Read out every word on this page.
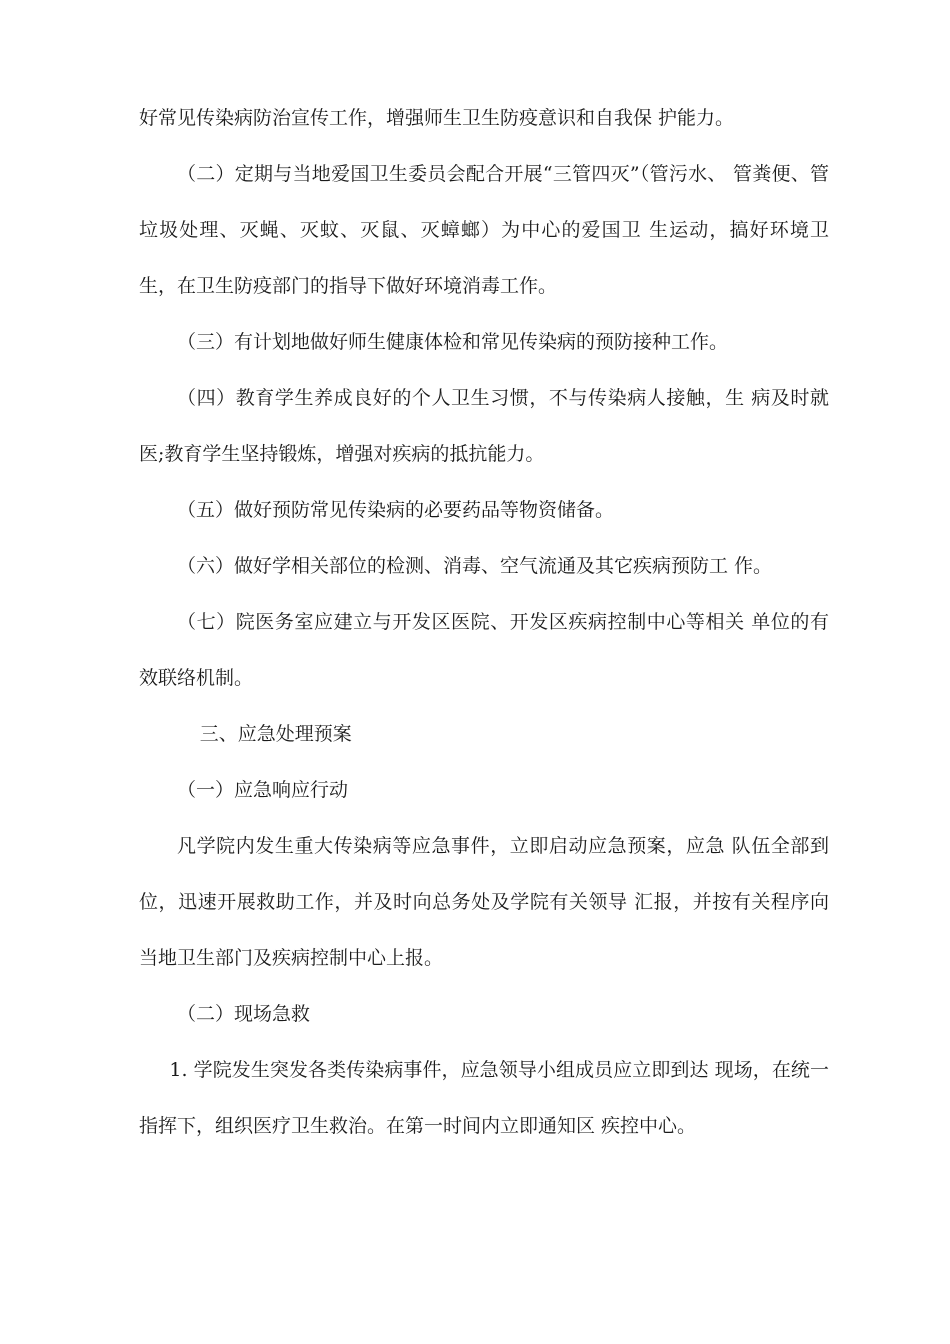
好常见传染病防治宣传工作，增强师生卫生防疫意识和自我保 护能力。

（二）定期与当地爱国卫生委员会配合开展“三管四灭”（管污水、 管粪便、管垃圾处理、灭蝇、灭蚊、灭鼠、灭蟑螂）为中心的爱国卫 生运动，搞好环境卫生，在卫生防疫部门的指导下做好环境消毒工作。

（三）有计划地做好师生健康体检和常见传染病的预防接种工作。

（四）教育学生养成良好的个人卫生习惯，不与传染病人接触，生 病及时就医;教育学生坚持锻炼，增强对疾病的抵抗能力。

（五）做好预防常见传染病的必要药品等物资储备。

（六）做好学相关部位的检测、消毒、空气流通及其它疾病预防工 作。

（七）院医务室应建立与开发区医院、开发区疾病控制中心等相关 单位的有效联络机制。

三、应急处理预案

（一）应急响应行动

凡学院内发生重大传染病等应急事件，立即启动应急预案，应急 队伍全部到位，迅速开展救助工作，并及时向总务处及学院有关领导 汇报，并按有关程序向当地卫生部门及疾病控制中心上报。

（二）现场急救

1. 学院发生突发各类传染病事件，应急领导小组成员应立即到达 现场，在统一指挥下，组织医疗卫生救治。在第一时间内立即通知区 疾控中心。
